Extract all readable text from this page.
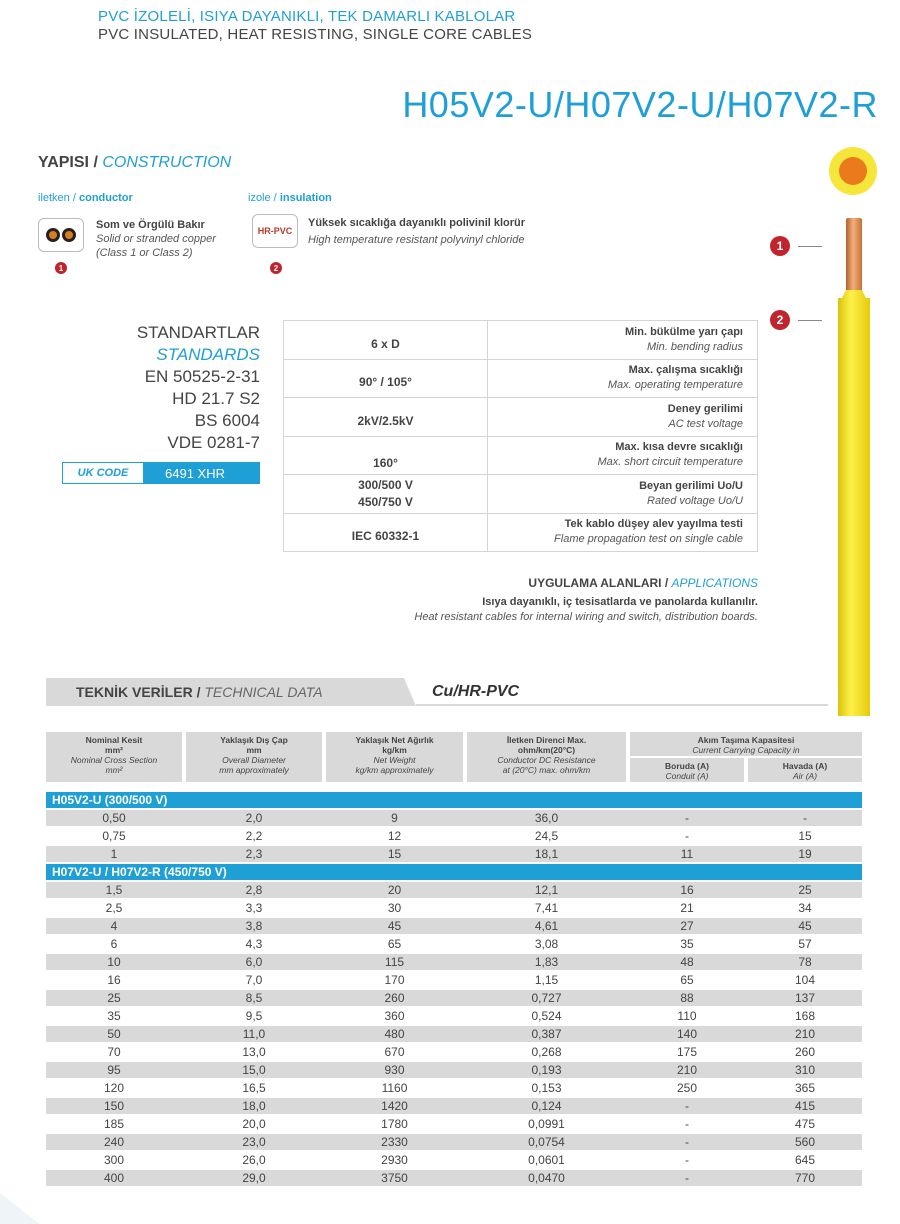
PVC İZOLELİ, ISIYA DAYANIKLI, TEK DAMARLI KABLOLAR
PVC INSULATED, HEAT RESISTING, SINGLE CORE CABLES
H05V2-U/H07V2-U/H07V2-R
YAPISI / CONSTRUCTION
iletken / conductor
1
Som ve Örgülü Bakır
Solid or stranded copper
(Class 1 or Class 2)
izole / insulation
HR-PVC
2
Yüksek sıcaklığa dayanıklı polivinil klorür
High temperature resistant polyvinyl chloride	1
2
STANDARTLAR
STANDARDS
EN 50525-2-31
HD 21.7 S2
BS 6004
VDE 0281-7
UK CODE	6491 XHR
6 x D	Min. bükülme yarı çapı
Min. bending radius

90° / 105°	Max. çalışma sıcaklığı
Max. operating temperature

2kV/2.5kV	Deney gerilimi
AC test voltage

160°	Max. kısa devre sıcaklığı
Max. short circuit temperature

300/500 V
450/750 V	Beyan gerilimi Uo/U
Rated voltage Uo/U

IEC 60332-1	Tek kablo düşey alev yayılma testi
Flame propagation test on single cable
UYGULAMA ALANLARI / APPLICATIONS
Isıya dayanıklı, iç tesisatlarda ve panolarda kullanılır.
Heat resistant cables for internal wiring and switch, distribution boards.
TEKNİK VERİLER / TECHNICAL DATA	Cu/HR-PVC
Nominal Kesit
mm²
Nominal Cross Section
mm²
Yaklaşık Dış Çap
mm
Overall Diameter
mm approximately
Yaklaşık Net Ağırlık
kg/km
Net Weight
kg/km approximately
İletken Direnci Max.
ohm/km(20°C)
Conductor DC Resistance
at (20°C) max. ohm/km
Akım Taşıma Kapasitesi
Current Carrying Capacity in
Boruda (A)
Conduit (A)
Havada (A)
Air (A)
H05V2-U (300/500 V)
0,50	2,0	9	36,0	-	-
0,75	2,2	12	24,5	-	15
1	2,3	15	18,1	11	19
H07V2-U / H07V2-R (450/750 V)
1,5	2,8	20	12,1	16	25
2,5	3,3	30	7,41	21	34
4	3,8	45	4,61	27	45
6	4,3	65	3,08	35	57
10	6,0	115	1,83	48	78
16	7,0	170	1,15	65	104
25	8,5	260	0,727	88	137
35	9,5	360	0,524	110	168
50	11,0	480	0,387	140	210
70	13,0	670	0,268	175	260
95	15,0	930	0,193	210	310
120	16,5	1160	0,153	250	365
150	18,0	1420	0,124	-	415
185	20,0	1780	0,0991	-	475
240	23,0	2330	0,0754	-	560
300	26,0	2930	0,0601	-	645
400	29,0	3750	0,0470	-	770
